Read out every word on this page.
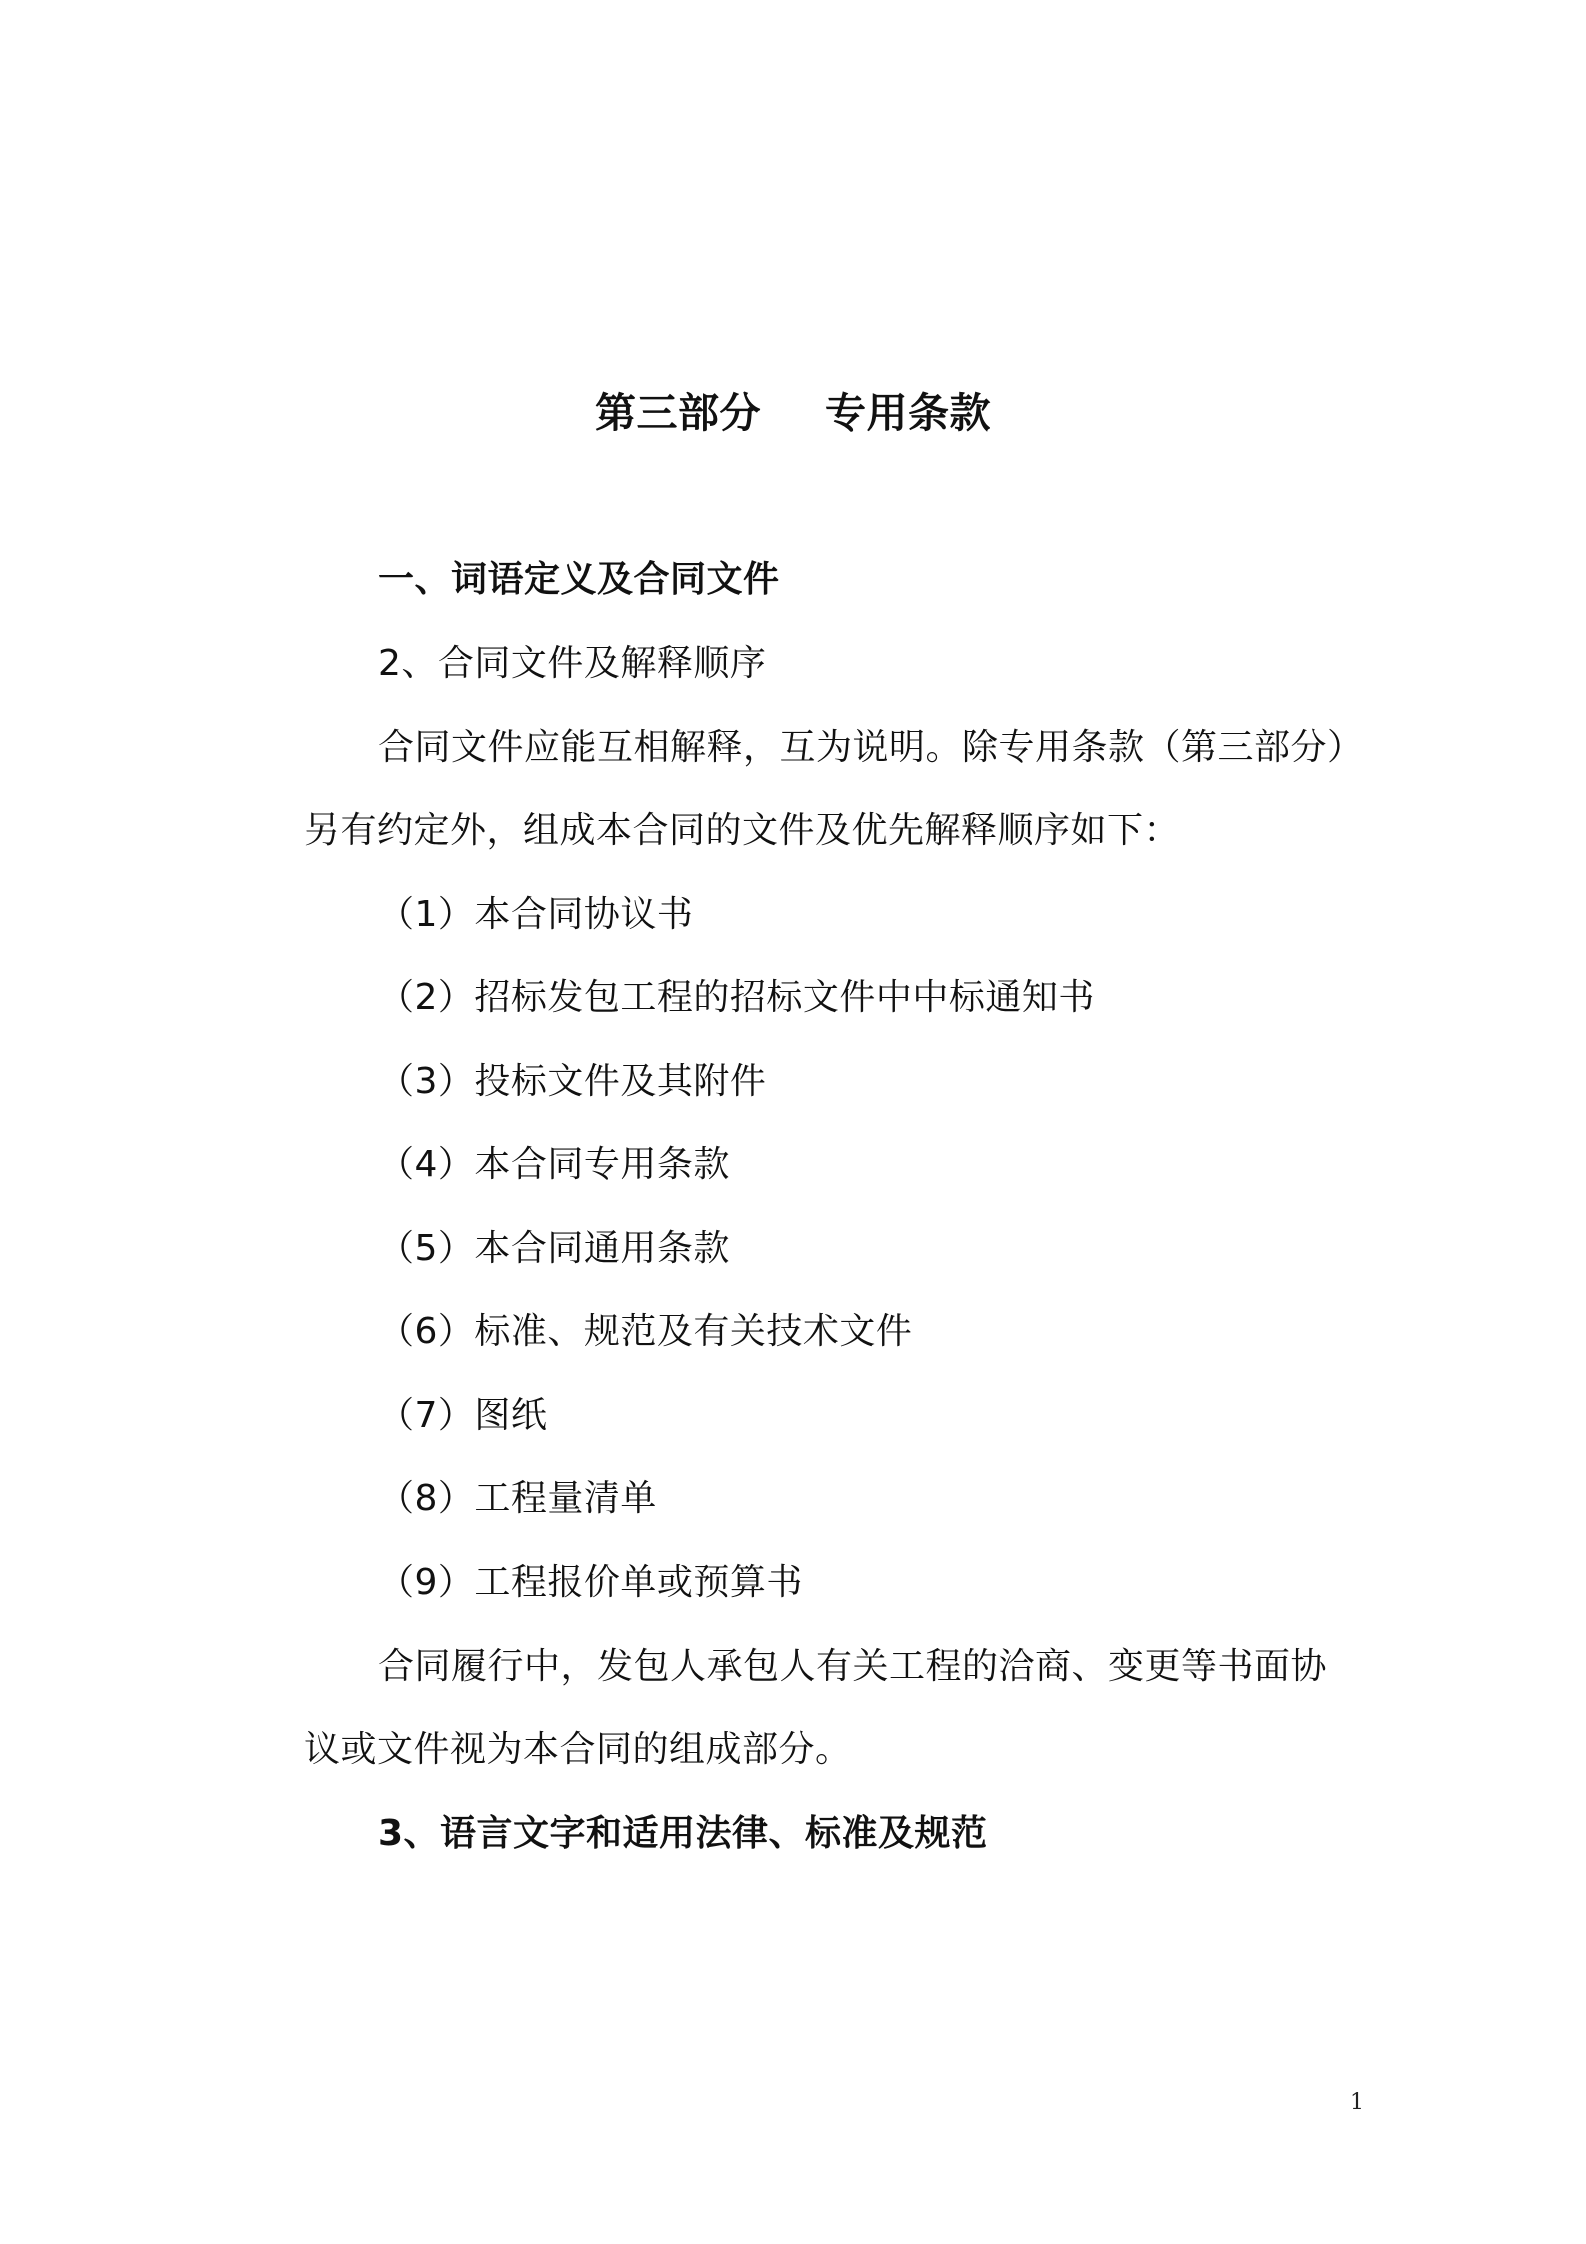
第三部分 专用条款
一、词语定义及合同文件
2、合同文件及解释顺序
合同文件应能互相解释，互为说明。除专用条款（第三部分）
另有约定外，组成本合同的文件及优先解释顺序如下：
（1）本合同协议书
（2）招标发包工程的招标文件中中标通知书
（3）投标文件及其附件
（4）本合同专用条款
（5）本合同通用条款
（6）标准、规范及有关技术文件
（7）图纸
（8）工程量清单
（9）工程报价单或预算书
合同履行中，发包人承包人有关工程的洽商、变更等书面协
议或文件视为本合同的组成部分。
3、语言文字和适用法律、标准及规范
1
